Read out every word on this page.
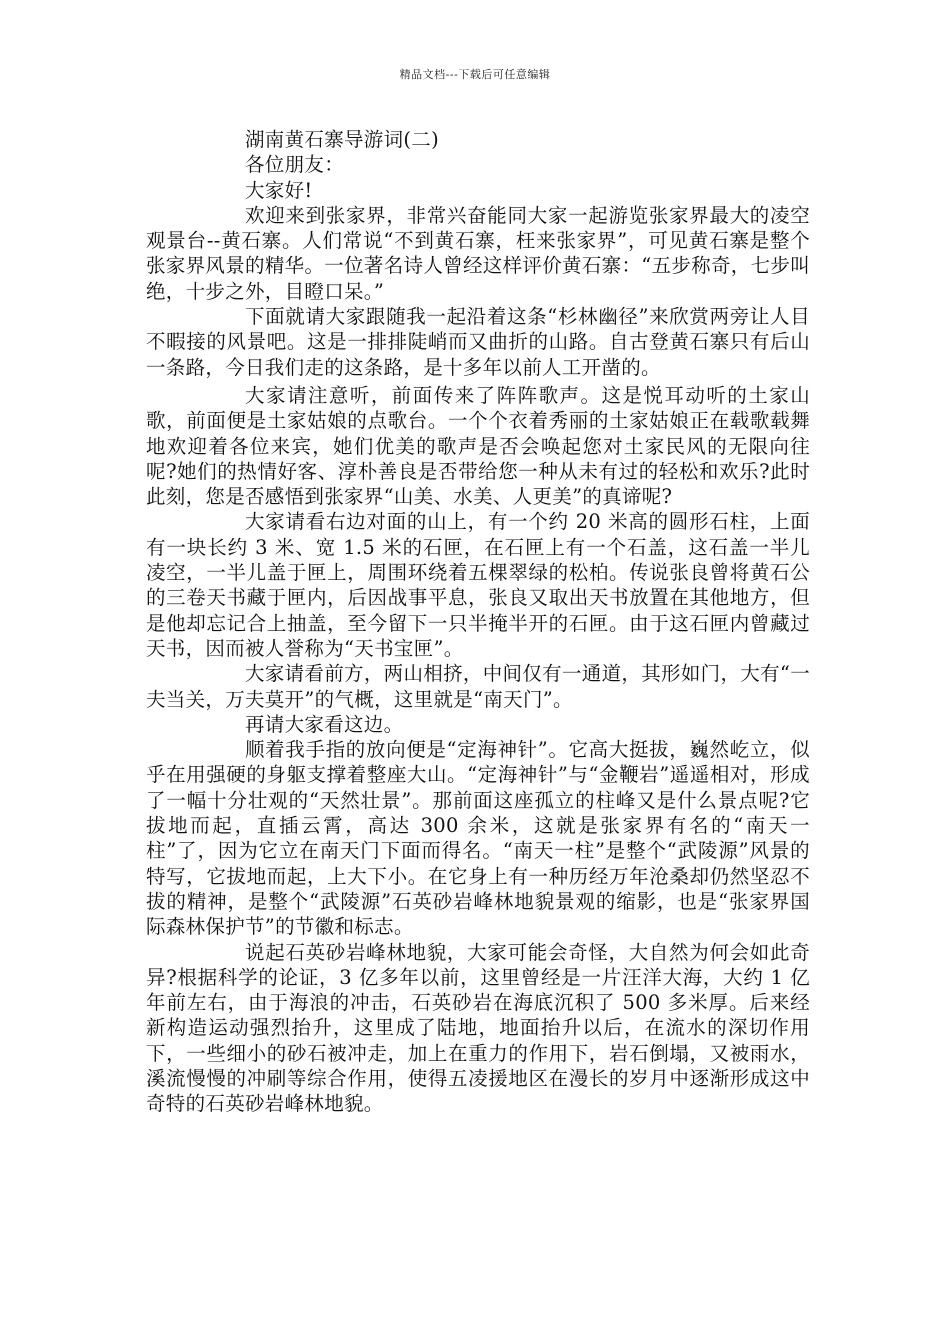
精品文档---下载后可任意编辑

湖南黄石寨导游词(二)

各位朋友：

大家好!

欢迎来到张家界，非常兴奋能同大家一起游览张家界最大的凌空观景台--黄石寨。人们常说“不到黄石寨，枉来张家界”，可见黄石寨是整个张家界风景的精华。一位著名诗人曾经这样评价黄石寨：“五步称奇，七步叫绝，十步之外，目瞪口呆。”

下面就请大家跟随我一起沿着这条“杉林幽径”来欣赏两旁让人目不暇接的风景吧。这是一排排陡峭而又曲折的山路。自古登黄石寨只有后山一条路，今日我们走的这条路，是十多年以前人工开凿的。

大家请注意听，前面传来了阵阵歌声。这是悦耳动听的土家山歌，前面便是土家姑娘的点歌台。一个个衣着秀丽的土家姑娘正在载歌载舞地欢迎着各位来宾，她们优美的歌声是否会唤起您对土家民风的无限向往呢?她们的热情好客、淳朴善良是否带给您一种从未有过的轻松和欢乐?此时此刻，您是否感悟到张家界“山美、水美、人更美”的真谛呢?

大家请看右边对面的山上，有一个约 20 米高的圆形石柱，上面有一块长约 3 米、宽 1.5 米的石匣，在石匣上有一个石盖，这石盖一半儿凌空，一半儿盖于匣上，周围环绕着五棵翠绿的松柏。传说张良曾将黄石公的三卷天书藏于匣内，后因战事平息，张良又取出天书放置在其他地方，但是他却忘记合上抽盖，至今留下一只半掩半开的石匣。由于这石匣内曾藏过天书，因而被人誉称为“天书宝匣”。

大家请看前方，两山相挤，中间仅有一通道，其形如门，大有“一夫当关，万夫莫开”的气概，这里就是“南天门”。

再请大家看这边。

顺着我手指的放向便是“定海神针”。它高大挺拔，巍然屹立，似乎在用强硬的身躯支撑着整座大山。“定海神针”与“金鞭岩”遥遥相对，形成了一幅十分壮观的“天然壮景”。那前面这座孤立的柱峰又是什么景点呢?它拔地而起，直插云霄，高达 300 余米，这就是张家界有名的“南天一柱”了，因为它立在南天门下面而得名。“南天一柱”是整个“武陵源”风景的特写，它拔地而起，上大下小。在它身上有一种历经万年沧桑却仍然坚忍不拔的精神，是整个“武陵源”石英砂岩峰林地貌景观的缩影，也是“张家界国际森林保护节”的节徽和标志。

说起石英砂岩峰林地貌，大家可能会奇怪，大自然为何会如此奇异?根据科学的论证，3 亿多年以前，这里曾经是一片汪洋大海，大约 1 亿年前左右，由于海浪的冲击，石英砂岩在海底沉积了 500 多米厚。后来经新构造运动强烈抬升，这里成了陆地，地面抬升以后，在流水的深切作用下，一些细小的砂石被冲走，加上在重力的作用下，岩石倒塌，又被雨水，溪流慢慢的冲刷等综合作用，使得五凌援地区在漫长的岁月中逐渐形成这中奇特的石英砂岩峰林地貌。
